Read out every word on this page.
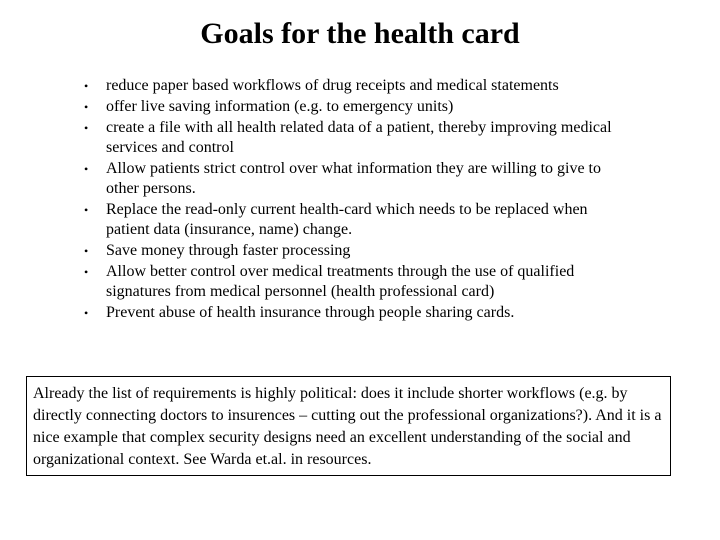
Goals for the health card
• reduce paper based workflows of drug receipts and medical statements
• offer live saving information (e.g. to emergency units)
• create a file with all health related data of a patient, thereby improving medical services and control
• Allow patients strict control over what information they are willing to give to other persons.
• Replace the read-only current health-card which needs to be replaced when patient data (insurance, name) change.
• Save money through faster processing
• Allow better control over medical treatments through the use of qualified signatures from medical personnel (health professional card)
• Prevent abuse of health insurance through people sharing cards.
Already the list of requirements is highly political: does it include shorter workflows (e.g. by directly connecting doctors to insurences – cutting out the professional organizations?). And it is a nice example that complex security designs need an excellent understanding of the social and organizational context. See Warda et.al. in resources.
